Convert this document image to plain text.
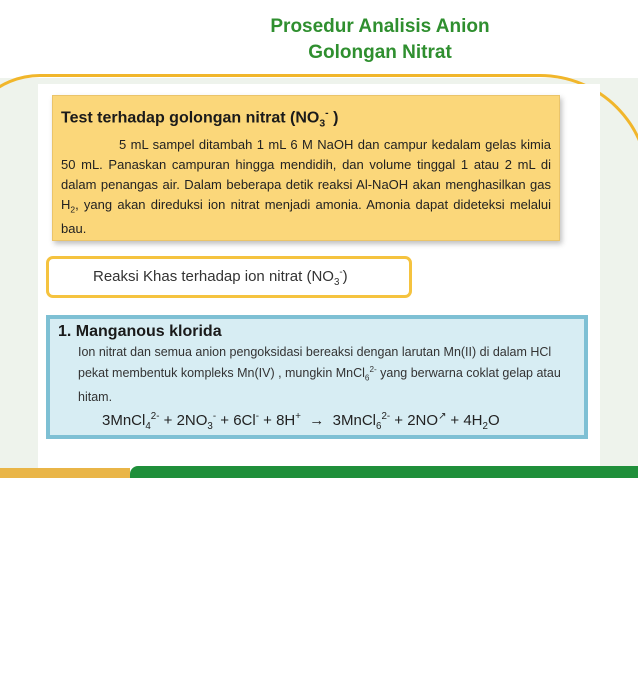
Prosedur Analisis Anion
Golongan Nitrat
Test terhadap golongan nitrat ($NO_3^-$ )

5 mL sampel ditambah 1 mL 6 M NaOH dan campur kedalam gelas kimia 50 mL. Panaskan campuran hingga mendidih, dan volume tinggal 1 atau 2 mL di dalam penangas air. Dalam beberapa detik reaksi Al-NaOH akan menghasilkan gas $H_2$, yang akan direduksi ion nitrat menjadi amonia. Amonia dapat dideteksi melalui bau.

Reaksi Khas terhadap ion nitrat $(NO_3^-)$
1. Manganous klorida

Ion nitrat dan semua anion pengoksidasi bereaksi dengan larutan Mn(II) di dalam HCl pekat membentuk kompleks Mn(IV) , mungkin MnCl$_6^{2-}$ yang berwarna coklat gelap atau hitam.

3MnCl$_4^{2-}$ + $2NO_3^- + 6Cl^- + 8H^+$ → 3MnCl$_6^{2-}$ + $2NO^↗ + 4H_2O$
